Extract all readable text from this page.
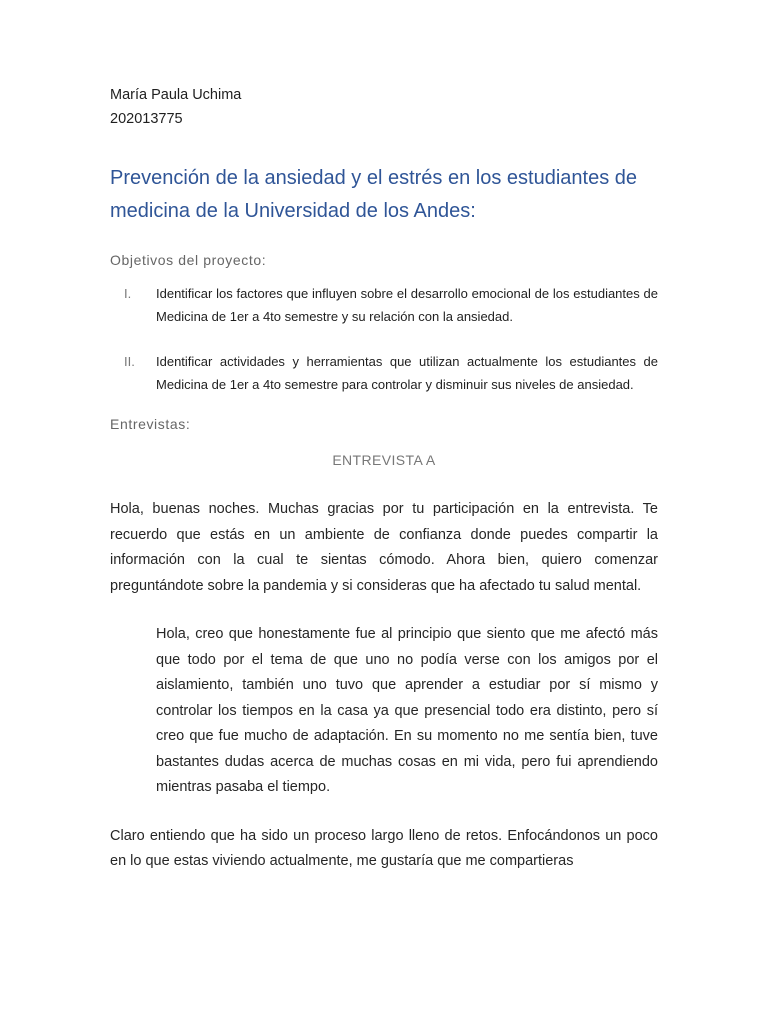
María Paula Uchima

202013775

Prevención de la ansiedad y el estrés en los estudiantes de medicina de la Universidad de los Andes:
Objetivos del proyecto:
I.	Identificar los factores que influyen sobre el desarrollo emocional de los estudiantes de Medicina de 1er a 4to semestre y su relación con la ansiedad.
II.	Identificar actividades y herramientas que utilizan actualmente los estudiantes de Medicina de 1er a 4to semestre para controlar y disminuir sus niveles de ansiedad.
Entrevistas:
ENTREVISTA A

Hola, buenas noches. Muchas gracias por tu participación en la entrevista. Te recuerdo que estás en un ambiente de confianza donde puedes compartir la información con la cual te sientas cómodo. Ahora bien, quiero comenzar preguntándote sobre la pandemia y si consideras que ha afectado tu salud mental.

Hola, creo que honestamente fue al principio que siento que me afectó más que todo por el tema de que uno no podía verse con los amigos por el aislamiento, también uno tuvo que aprender a estudiar por sí mismo y controlar los tiempos en la casa ya que presencial todo era distinto, pero sí creo que fue mucho de adaptación. En su momento no me sentía bien, tuve bastantes dudas acerca de muchas cosas en mi vida, pero fui aprendiendo mientras pasaba el tiempo.

Claro entiendo que ha sido un proceso largo lleno de retos. Enfocándonos un poco en lo que estas viviendo actualmente, me gustaría que me compartieras
